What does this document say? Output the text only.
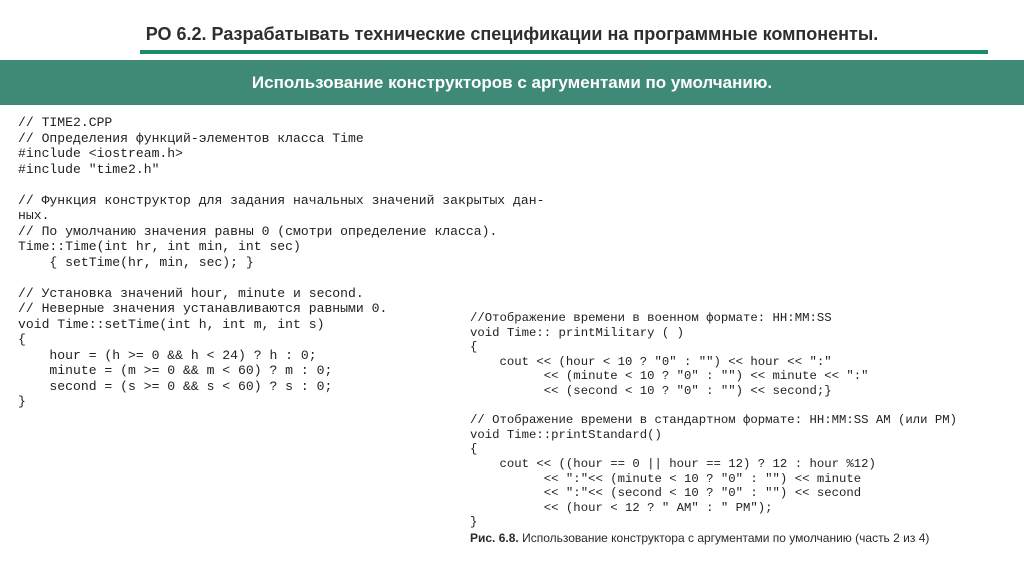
РО 6.2. Разрабатывать технические спецификации на программные компоненты.
Использование конструкторов с аргументами по умолчанию.
// TIME2.CPP
// Определения функций-элементов класса Time
#include <iostream.h>
#include "time2.h"

// Функция конструктор для задания начальных значений закрытых дан-
ных.
// По умолчанию значения равны 0 (смотри определение класса).
Time::Time(int hr, int min, int sec)
{ setTime(hr, min, sec); }

// Установка значений hour, minute и second.
// Неверные значения устанавливаются равными 0.
void Time::setTime(int h, int m, int s)
{
hour = (h >= 0 && h < 24) ? h : 0;
minute = (m >= 0 && m < 60) ? m : 0;
second = (s >= 0 && s < 60) ? s : 0;
}
//Отображение времени в военном формате: HH:MM:SS
void Time:: printMilitary ( )
{
cout << (hour < 10 ? "0" : "") << hour << ":"
<< (minute < 10 ? "0" : "") << minute << ":"
<< (second < 10 ? "0" : "") << second;}

// Отображение времени в стандартном формате: HH:MM:SS AM (или PM)
void Time::printStandard()
{
cout << ((hour == 0 || hour == 12) ? 12 : hour %12)
<< ":"<< (minute < 10 ? "0" : "") << minute
<< ":"<< (second < 10 ? "0" : "") << second
<< (hour < 12 ? " AM" : " PM");
}
Рис. 6.8. Использование конструктора с аргументами по умолчанию (часть 2 из 4)
